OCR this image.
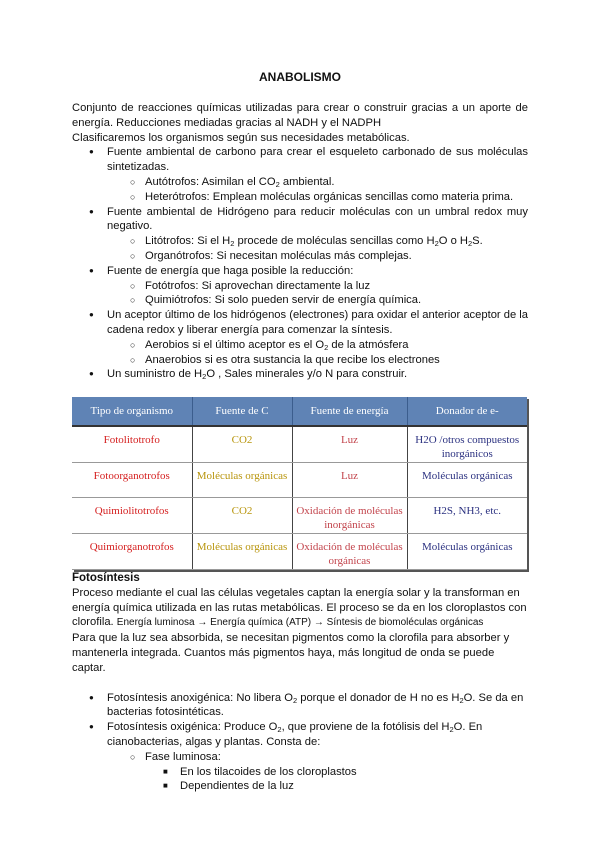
ANABOLISMO

Conjunto de reacciones químicas utilizadas para crear o construir gracias a un aporte de energía. Reducciones mediadas gracias al NADH y el NADPH

Clasificaremos los organismos según sus necesidades metabólicas.

● Fuente ambiental de carbono para crear el esqueleto carbonado de sus moléculas sintetizadas.
○ Autótrofos: Asimilan el $CO_2$ ambiental.
○ Heterótrofos: Emplean moléculas orgánicas sencillas como materia prima.
● Fuente ambiental de Hidrógeno para reducir moléculas con un umbral redox muy negativo.
○ Litótrofos: Si el $H_2$ procede de moléculas sencillas como $H_2O$ o $H_2S$.
○ Organótrofos: Si necesitan moléculas más complejas.
● Fuente de energía que haga posible la reducción:
○ Fotótrofos: Si aprovechan directamente la luz
○ Quimiótrofos: Si solo pueden servir de energía química.
● Un aceptor último de los hidrógenos (electrones) para oxidar el anterior aceptor de la cadena redox y liberar energía para comenzar la síntesis.
○ Aerobios si el último aceptor es el $O_2$ de la atmósfera
○ Anaerobios si es otra sustancia la que recibe los electrones
● Un suministro de $H_2O$ , Sales minerales y/o N para construir.
Tipo de organismo	Fuente de C	Fuente de energía	Donador de e-
Fotolitotrofo	CO2	Luz	H2O /otros compuestos inorgánicos
Fotoorganotrofos	Moléculas orgánicas	Luz	Moléculas orgánicas
Quimiolitotrofos	CO2	Oxidación de moléculas inorgánicas	H2S, NH3, etc.
Quimiorganotrofos	Moléculas orgánicas	Oxidación de moléculas orgánicas	Moléculas orgánicas
Fotosíntesis

Proceso mediante el cual las células vegetales captan la energía solar y la transforman en energía química utilizada en las rutas metabólicas. El proceso se da en los cloroplastos con clorofila. Energía luminosa → Energía química (ATP) → Síntesis de biomoléculas orgánicas

Para que la luz sea absorbida, se necesitan pigmentos como la clorofila para absorber y mantenerla integrada. Cuantos más pigmentos haya, más longitud de onda se puede captar.

● Fotosíntesis anoxigénica: No libera $O_2$ porque el donador de H no es $H_2O$. Se da en bacterias fotosintéticas.
● Fotosíntesis oxigénica: Produce $O_2$, que proviene de la fotólisis del $H_2O$. En cianobacterias, algas y plantas. Consta de:
○ Fase luminosa:
■ En los tilacoides de los cloroplastos
■ Dependientes de la luz
